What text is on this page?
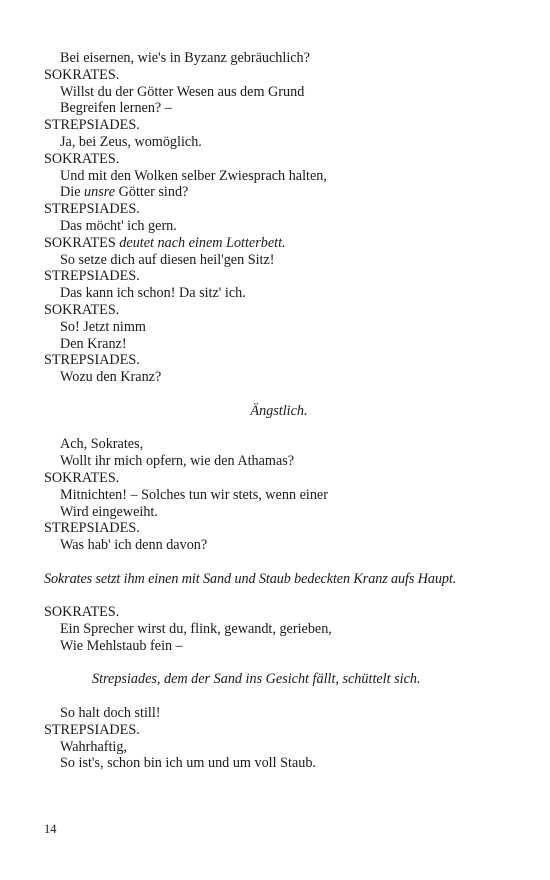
Bei eisernen, wie's in Byzanz gebräuchlich?
SOKRATES.
Willst du der Götter Wesen aus dem Grund
Begreifen lernen? –
STREPSIADES.
Ja, bei Zeus, womöglich.
SOKRATES.
Und mit den Wolken selber Zwiesprach halten,
Die unsre Götter sind?
STREPSIADES.
Das möcht' ich gern.
SOKRATES deutet nach einem Lotterbett.
So setze dich auf diesen heil'gen Sitz!
STREPSIADES.
Das kann ich schon! Da sitz' ich.
SOKRATES.
So! Jetzt nimm
Den Kranz!
STREPSIADES.
Wozu den Kranz?
Ängstlich.
Ach, Sokrates,
Wollt ihr mich opfern, wie den Athamas?
SOKRATES.
Mitnichten! – Solches tun wir stets, wenn einer
Wird eingeweiht.
STREPSIADES.
Was hab' ich denn davon?
Sokrates setzt ihm einen mit Sand und Staub bedeckten Kranz aufs Haupt.
SOKRATES.
Ein Sprecher wirst du, flink, gewandt, gerieben,
Wie Mehlstaub fein –
Strepsiades, dem der Sand ins Gesicht fällt, schüttelt sich.
So halt doch still!
STREPSIADES.
Wahrhaftig,
So ist's, schon bin ich um und um voll Staub.
14
